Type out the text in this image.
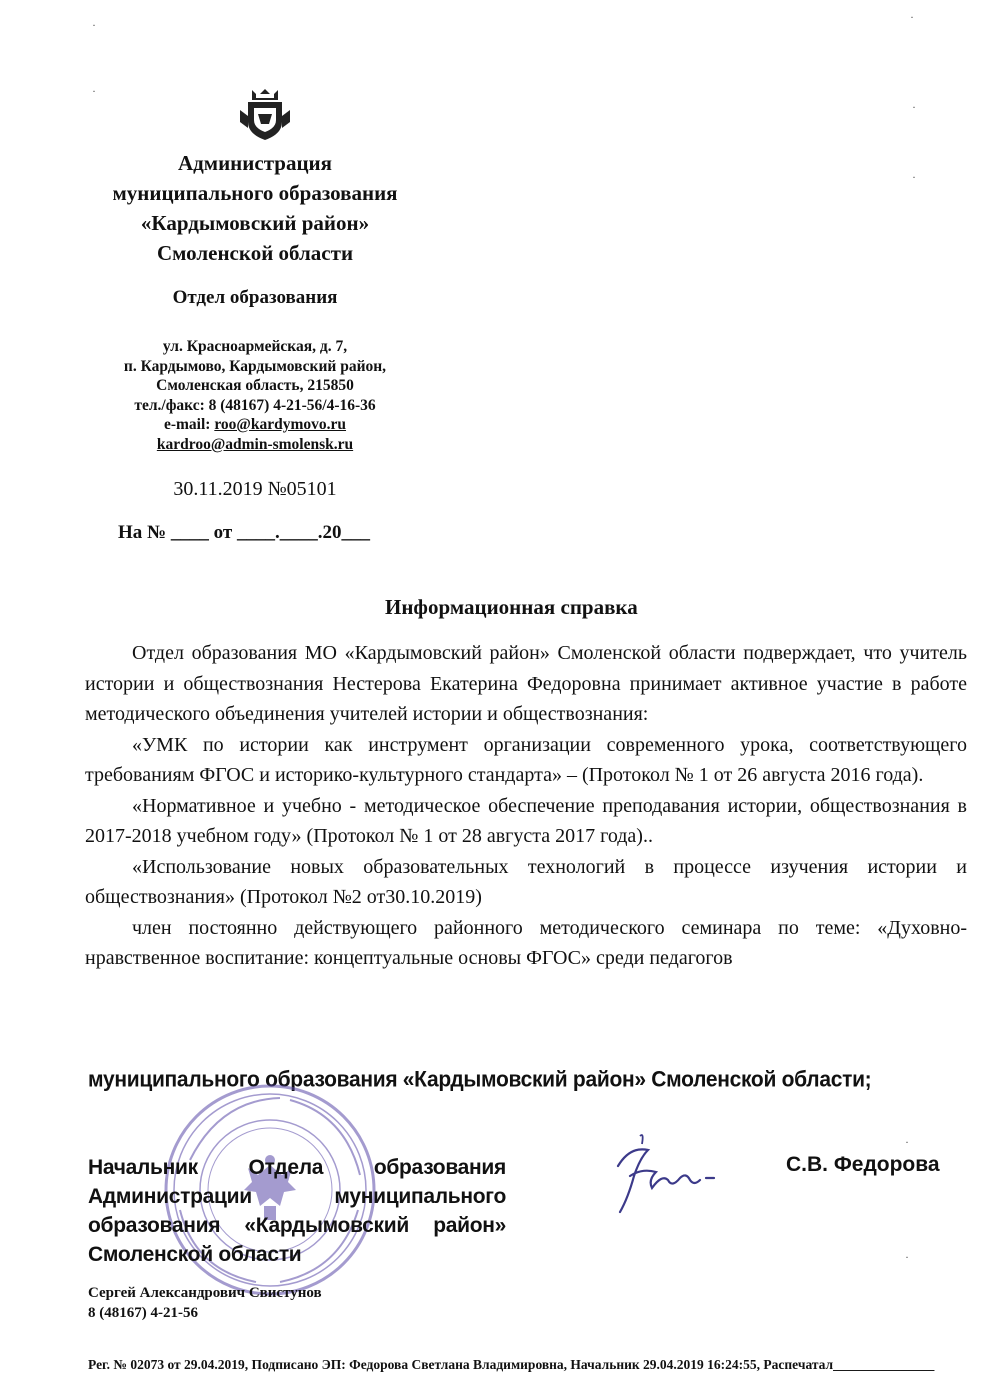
Администрация
муниципального образования
«Кардымовский район»
Смоленской области
Отдел образования
ул. Красноармейская, д. 7,
п. Кардымово, Кардымовский район,
Смоленская область, 215850
тел./факс: 8 (48167) 4-21-56/4-16-36
e-mail: roo@kardymovo.ru
kardroo@admin-smolensk.ru
30.11.2019 №05101
На № ____ от ____.____.20___
Информационная справка

Отдел образования МО «Кардымовский район» Смоленской области подверждает, что учитель истории и обществознания Нестерова Екатерина Федоровна принимает активное участие в работе методического объединения учителей истории и обществознания:

«УМК по истории как инструмент организации современного урока, соответствующего требованиям ФГОС и историко-культурного стандарта» – (Протокол № 1 от 26 августа 2016 года).

«Нормативное и учебно - методическое обеспечение преподавания истории, обществознания в 2017-2018 учебном году» (Протокол № 1 от 28 августа 2017 года)..

«Использование новых образовательных технологий в процессе изучения истории и обществознания» (Протокол №2 от30.10.2019)

член постоянно действующего районного методического семинара по теме: «Духовно-нравственное воспитание: концептуальные основы ФГОС» среди педагогов

муниципального образования «Кардымовский район» Смоленской области;
Начальник Отдела образования
Администрации муниципального
образования «Кардымовский район»
Смоленской области
С.В. Федорова
Сергей Александрович Свистунов
8 (48167) 4-21-56
Рег. № 02073 от 29.04.2019, Подписано ЭП: Федорова Светлана Владимировна, Начальник 29.04.2019 16:24:55, Распечатал_______________
·
·
·
·
·
·
·
